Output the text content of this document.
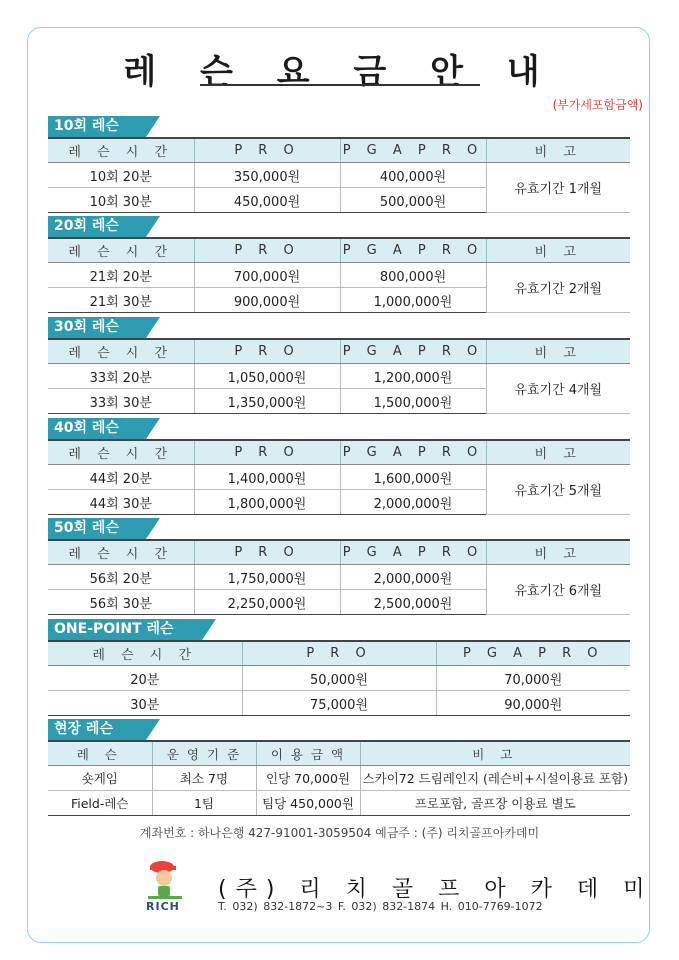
레 슨 요 금 안 내
(부가세포함금액)
10회 레슨
레 슨 시 간	P R O	P G A P R O	비 고
10회 20분	350,000원	400,000원	유효기간 1개월
10회 30분	450,000원	500,000원	
20회 레슨
레 슨 시 간	P R O	P G A P R O	비 고
21회 20분	700,000원	800,000원	유효기간 2개월
21회 30분	900,000원	1,000,000원	
30회 레슨
레 슨 시 간	P R O	P G A P R O	비 고
33회 20분	1,050,000원	1,200,000원	유효기간 4개월
33회 30분	1,350,000원	1,500,000원	
40회 레슨
레 슨 시 간	P R O	P G A P R O	비 고
44회 20분	1,400,000원	1,600,000원	유효기간 5개월
44회 30분	1,800,000원	2,000,000원	
50회 레슨
레 슨 시 간	P R O	P G A P R O	비 고
56회 20분	1,750,000원	2,000,000원	유효기간 6개월
56회 30분	2,250,000원	2,500,000원	
ONE-POINT 레슨
레 슨 시 간	P R O	P G A P R O
20분	50,000원	70,000원
30분	75,000원	90,000원
현장 레슨
레 슨	운 영 기 준	이 용 금 액	비 고
숏게임	최소 7명	인당 70,000원	스카이72 드림레인지 (레슨비+시설이용료 포함)
Field-레슨	1팀	팀당 450,000원	프로포함, 골프장 이용료 별도
계좌번호 : 하나은행 427-91001-3059504 예금주 : (주) 리치골프아카데미
RICH
(주) 리 치 골 프 아 카 데 미
T. 032) 832-1872~3 F. 032) 832-1874 H. 010-7769-1072
